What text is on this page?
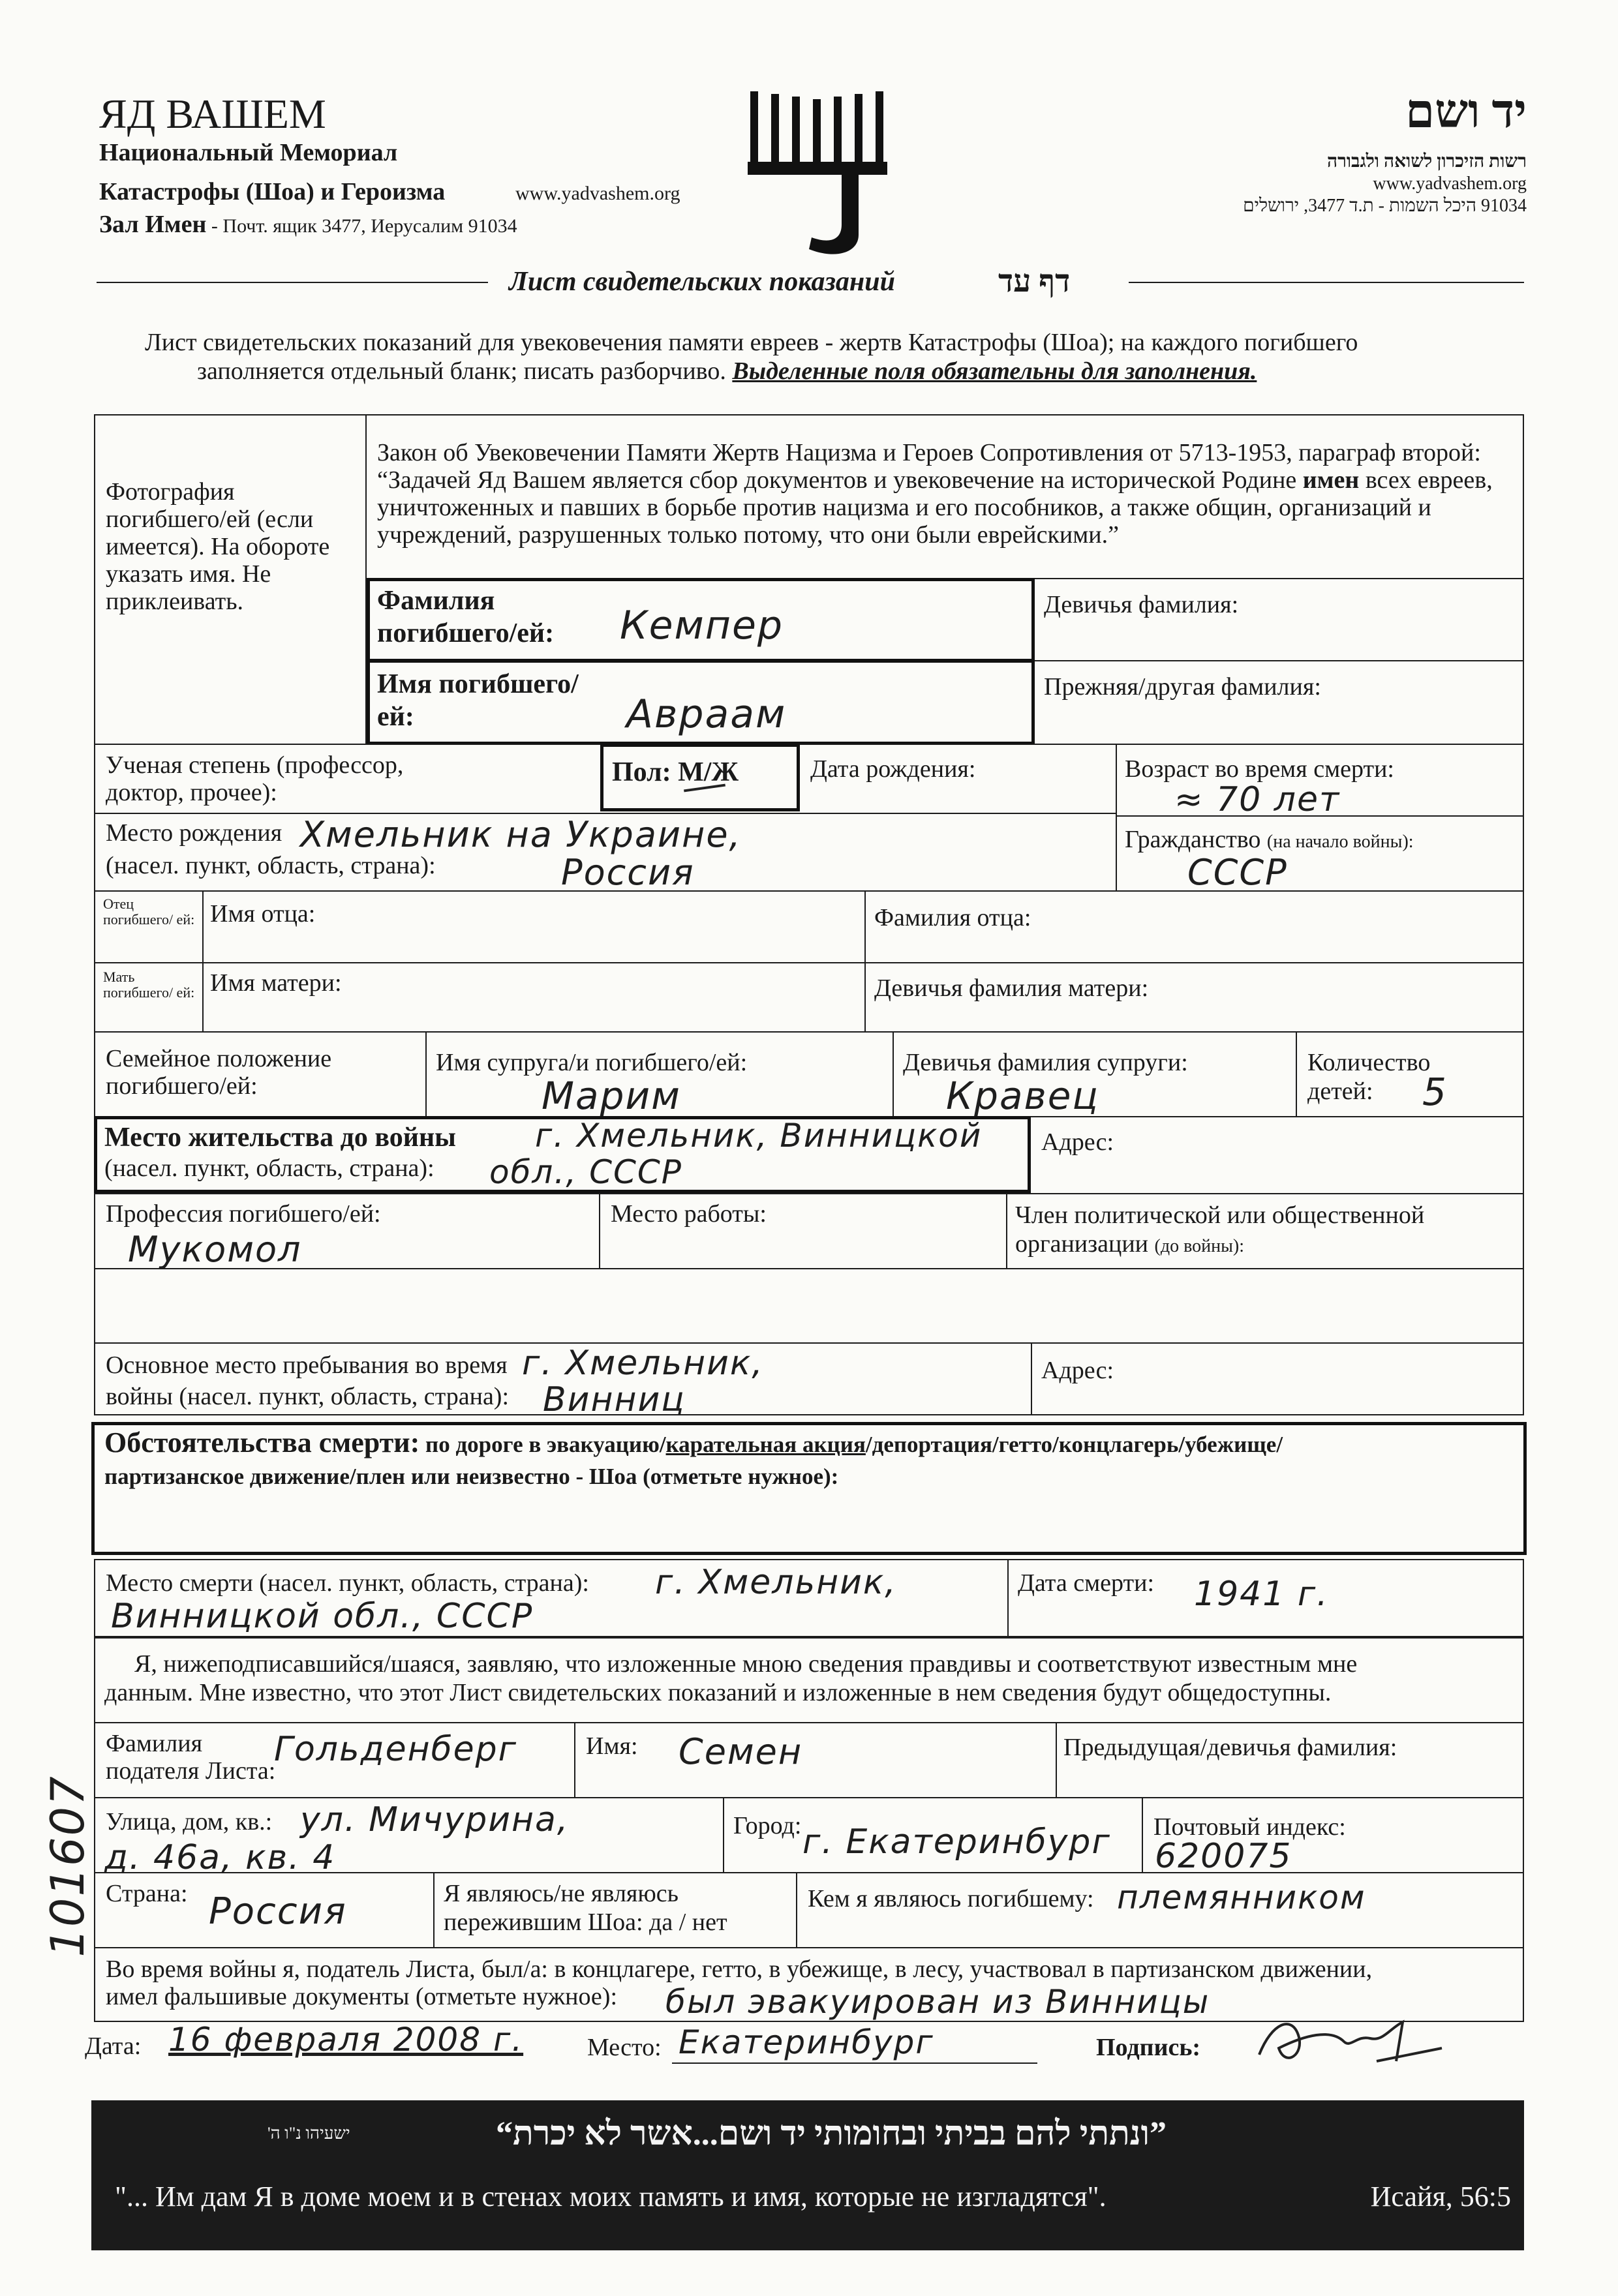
ЯД ВАШЕМ
Национальный Мемориал
Катастрофы (Шоа) и Героизма	www.yadvashem.org
Зал Имен - Почт. ящик 3477, Иерусалим 91034
יד ושם
רשות הזיכרון לשואה ולגבורה
www.yadvashem.org
91034 היכל השמות - ת.ד 3477, ירושלים
Лист свидетельских показаний	דף עד
Лист свидетельских показаний для увековечения памяти евреев - жертв Катастрофы (Шоа); на каждого погибшего
заполняется отдельный бланк; писать разборчиво. Выделенные поля обязательны для заполнения.
Фотография погибшего/ей (если имеется). На обороте указать имя. Не приклеивать.
Закон об Увековечении Памяти Жертв Нацизма и Героев Сопротивления от 5713-1953, параграф второй: “Задачей Яд Вашем является сбор документов и увековечение на исторической Родине имен всех евреев, уничтоженных и павших в борьбе против нацизма и его пособников, а также общин, организаций и учреждений, разрушенных только потому, что они были еврейскими.”
Фамилия погибшего/ей:	Кемпер
Имя погибшего/ей:	Авраам
Девичья фамилия:
Прежняя/другая фамилия:
Ученая степень (профессор, доктор, прочее):
Пол: М/Ж	Дата рождения:	Возраст во время смерти:
≈ 70 лет
Место рождения
(насел. пункт, область, страна):
Хмельник на Украине,
Россия
Гражданство (на начало войны):
СССР
Отец погибшего/ ей: Имя отца:	Фамилия отца:
Мать погибшего/ ей: Имя матери:	Девичья фамилия матери:
Семейное положение погибшего/ей:
Имя супруга/и погибшего/ей:
Марим
Девичья фамилия супруги:
Кравец
Количество
детей: 5
Место жительства до войны
(насел. пункт, область, страна):
г. Хмельник, Винницкой
обл., СССР
Адрес:
Профессия погибшего/ей:
Мукомол
Место работы:	Член политической или общественной
организации (до войны):
Основное место пребывания во время
войны (насел. пункт, область, страна):
г. Хмельник,
Винниц
Адрес:
Обстоятельства смерти: по дороге в эвакуацию/карательная акция/депортация/гетто/концлагерь/убежище/
партизанское движение/плен или неизвестно - Шоа (отметьте нужное):
Место смерти (насел. пункт, область, страна): г. Хмельник,
Винницкой обл., СССР
Дата смерти: 1941 г.
Я, нижеподписавшийся/шаяся, заявляю, что изложенные мною сведения правдивы и соответствуют известным мне
данным. Мне известно, что этот Лист свидетельских показаний и изложенные в нем сведения будут общедоступны.
Фамилия
подателя Листа:
Гольденберг	Имя: Семен	Предыдущая/девичья фамилия:
Улица, дом, кв.: ул. Мичурина,
д. 46а, кв. 4
Город: г. Екатеринбург Почтовый индекс:
620075
Страна: Россия	Я являюсь/не являюсь
пережившим Шоа: да / нет
Кем я являюсь погибшему: племянником
Во время войны я, податель Листа, был/а: в концлагере, гетто, в убежище, в лесу, участвовал в партизанском движении,
имел фальшивые документы (отметьте нужное): был эвакуирован из Винницы
Дата: 16 февраля 2008 г.	Место: Екатеринбург	Подпись:
101607
”ונתתי להם בביתי ובחומותי יד ושם...אשר לא יכרת“
ישעיהו נ"ו ה'
"... Им дам Я в доме моем и в стенах моих память и имя, которые не изгладятся".	Исайя, 56:5
